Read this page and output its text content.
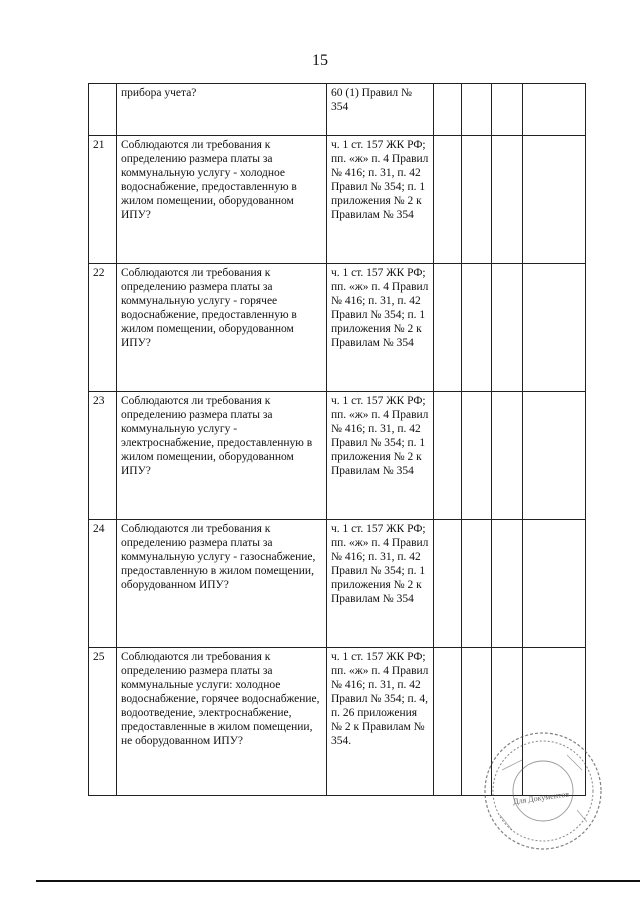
15
	прибора учета?	60 (1) Правил № 354				
21	Соблюдаются ли требования к определению размера платы за коммунальную услугу - холодное водоснабжение, предоставленную в жилом помещении, оборудованном ИПУ?	ч. 1 ст. 157 ЖК РФ; пп. «ж» п. 4 Правил № 416; п. 31, п. 42 Правил № 354; п. 1 приложения № 2 к Правилам № 354				
22	Соблюдаются ли требования к определению размера платы за коммунальную услугу - горячее водоснабжение, предоставленную в жилом помещении, оборудованном ИПУ?	ч. 1 ст. 157 ЖК РФ; пп. «ж» п. 4 Правил № 416; п. 31, п. 42 Правил № 354; п. 1 приложения № 2 к Правилам № 354				
23	Соблюдаются ли требования к определению размера платы за коммунальную услугу - электроснабжение, предоставленную в жилом помещении, оборудованном ИПУ?	ч. 1 ст. 157 ЖК РФ; пп. «ж» п. 4 Правил № 416; п. 31, п. 42 Правил № 354; п. 1 приложения № 2 к Правилам № 354				
24	Соблюдаются ли требования к определению размера платы за коммунальную услугу - газоснабжение, предоставленную в жилом помещении, оборудованном ИПУ?	ч. 1 ст. 157 ЖК РФ; пп. «ж» п. 4 Правил № 416; п. 31, п. 42 Правил № 354; п. 1 приложения № 2 к Правилам № 354				
25	Соблюдаются ли требования к определению размера платы за коммунальные услуги: холодное водоснабжение, горячее водоснабжение, водоотведение, электроснабжение, предоставленные в жилом помещении, не оборудованном ИПУ?	ч. 1 ст. 157 ЖК РФ; пп. «ж» п. 4 Правил № 416; п. 31, п. 42 Правил № 354; п. 4, п. 26 приложения № 2 к Правилам № 354.				
Для Документов
